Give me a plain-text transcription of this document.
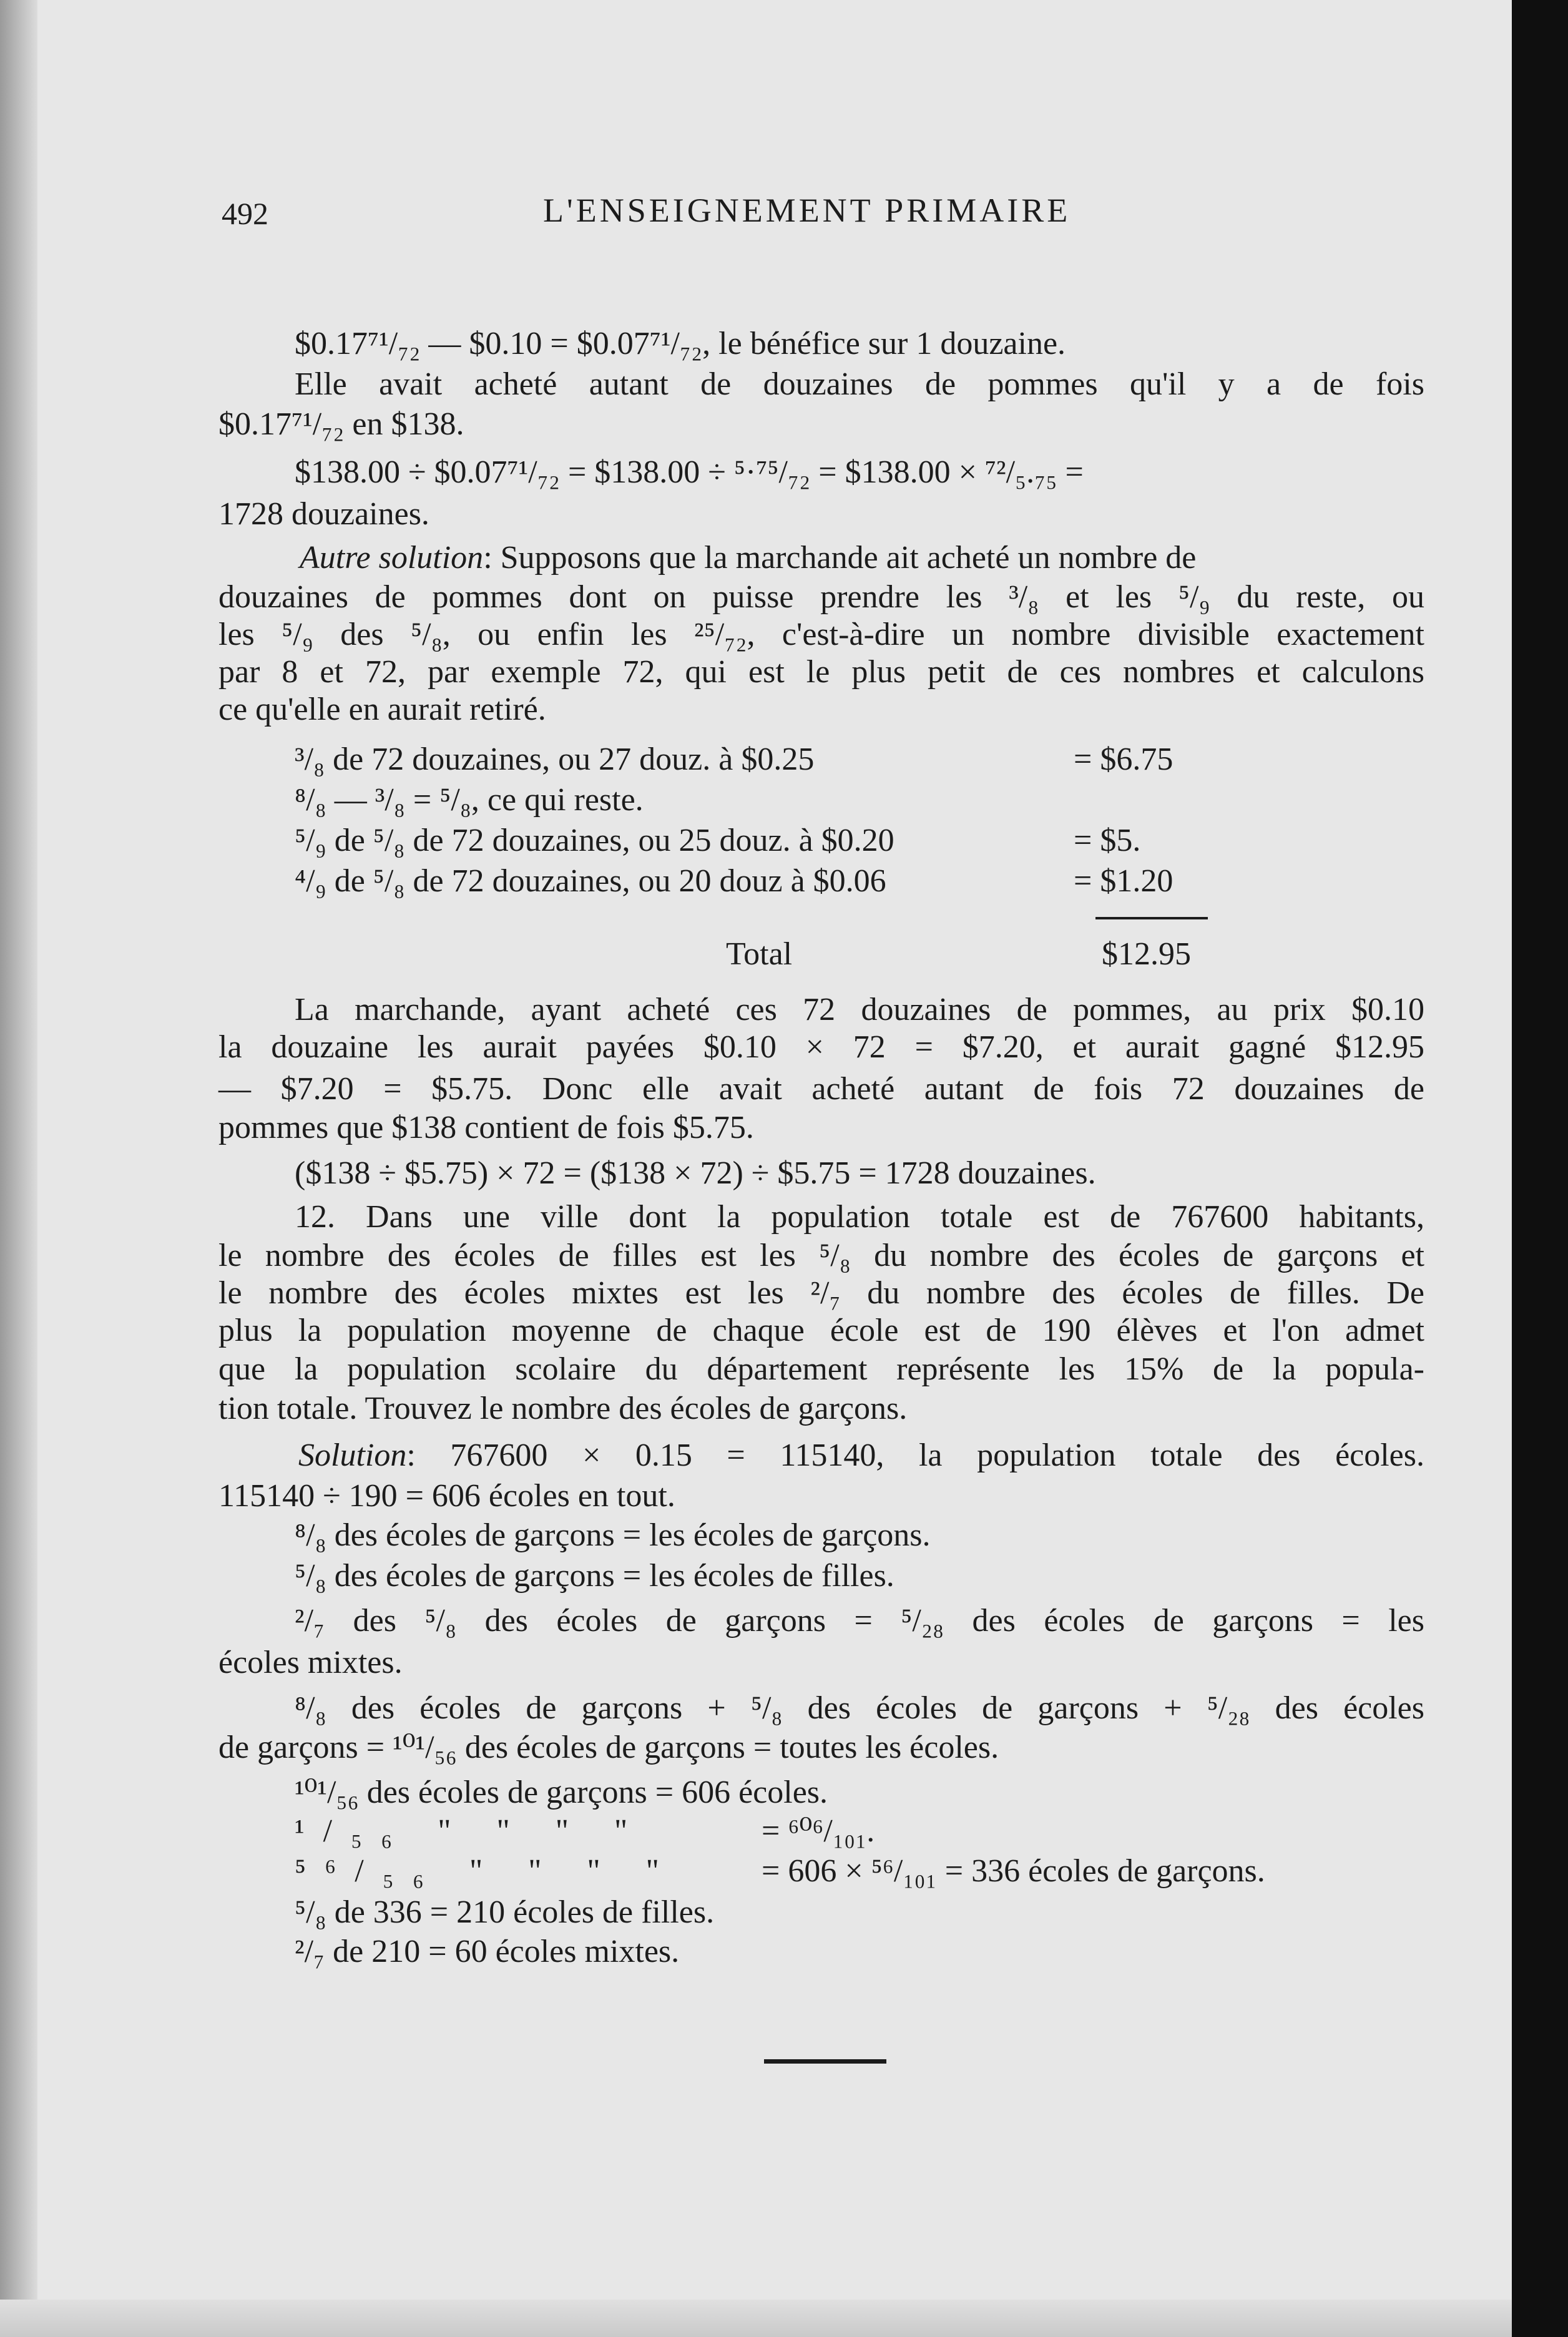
492	L'ENSEIGNEMENT PRIMAIRE
$0.17⁷¹/₇₂ — $0.10 = $0.07⁷¹/₇₂, le bénéfice sur 1 douzaine.
Elle avait acheté autant de douzaines de pommes qu'il y a de fois
$0.17⁷¹/₇₂ en $138.
$138.00 ÷ $0.07⁷¹/₇₂ = $138.00 ÷ ⁵·⁷⁵/₇₂ = $138.00 × ⁷²/₅.₇₅ =
1728 douzaines.
Autre solution: Supposons que la marchande ait acheté un nombre de
douzaines de pommes dont on puisse prendre les ³/₈ et les ⁵/₉ du reste, ou
les ⁵/₉ des ⁵/₈, ou enfin les ²⁵/₇₂, c'est-à-dire un nombre divisible exactement
par 8 et 72, par exemple 72, qui est le plus petit de ces nombres et calculons
ce qu'elle en aurait retiré.
³/₈ de 72 douzaines, ou 27 douz. à $0.25	= $6.75
⁸/₈ — ³/₈ = ⁵/₈, ce qui reste.
⁵/₉ de ⁵/₈ de 72 douzaines, ou 25 douz. à $0.20	= $5.
⁴/₉ de ⁵/₈ de 72 douzaines, ou 20 douz à $0.06	= $1.20
Total	$12.95
La marchande, ayant acheté ces 72 douzaines de pommes, au prix $0.10
la douzaine les aurait payées $0.10 × 72 = $7.20, et aurait gagné $12.95
— $7.20 = $5.75. Donc elle avait acheté autant de fois 72 douzaines de
pommes que $138 contient de fois $5.75.
($138 ÷ $5.75) × 72 = ($138 × 72) ÷ $5.75 = 1728 douzaines.
12. Dans une ville dont la population totale est de 767600 habitants,
le nombre des écoles de filles est les ⁵/₈ du nombre des écoles de garçons et
le nombre des écoles mixtes est les ²/₇ du nombre des écoles de filles. De
plus la population moyenne de chaque école est de 190 élèves et l'on admet
que la population scolaire du département représente les 15% de la popula-
tion totale. Trouvez le nombre des écoles de garçons.
Solution: 767600 × 0.15 = 115140, la population totale des écoles.
115140 ÷ 190 = 606 écoles en tout.
⁸/₈ des écoles de garçons = les écoles de garçons.
⁵/₈ des écoles de garçons = les écoles de filles.
²/₇ des ⁵/₈ des écoles de garçons = ⁵/₂₈ des écoles de garçons = les
écoles mixtes.
⁸/₈ des écoles de garçons + ⁵/₈ des écoles de garçons + ⁵/₂₈ des écoles
de garçons = ¹⁰¹/₅₆ des écoles de garçons = toutes les écoles.
¹⁰¹/₅₆ des écoles de garçons = 606 écoles.
¹/₅₆ " " " "	= ⁶⁰⁶/₁₀₁.
⁵⁶/₅₆ " " " "	= 606 × ⁵⁶/₁₀₁ = 336 écoles de garçons.
⁵/₈ de 336 = 210 écoles de filles.
²/₇ de 210 = 60 écoles mixtes.
